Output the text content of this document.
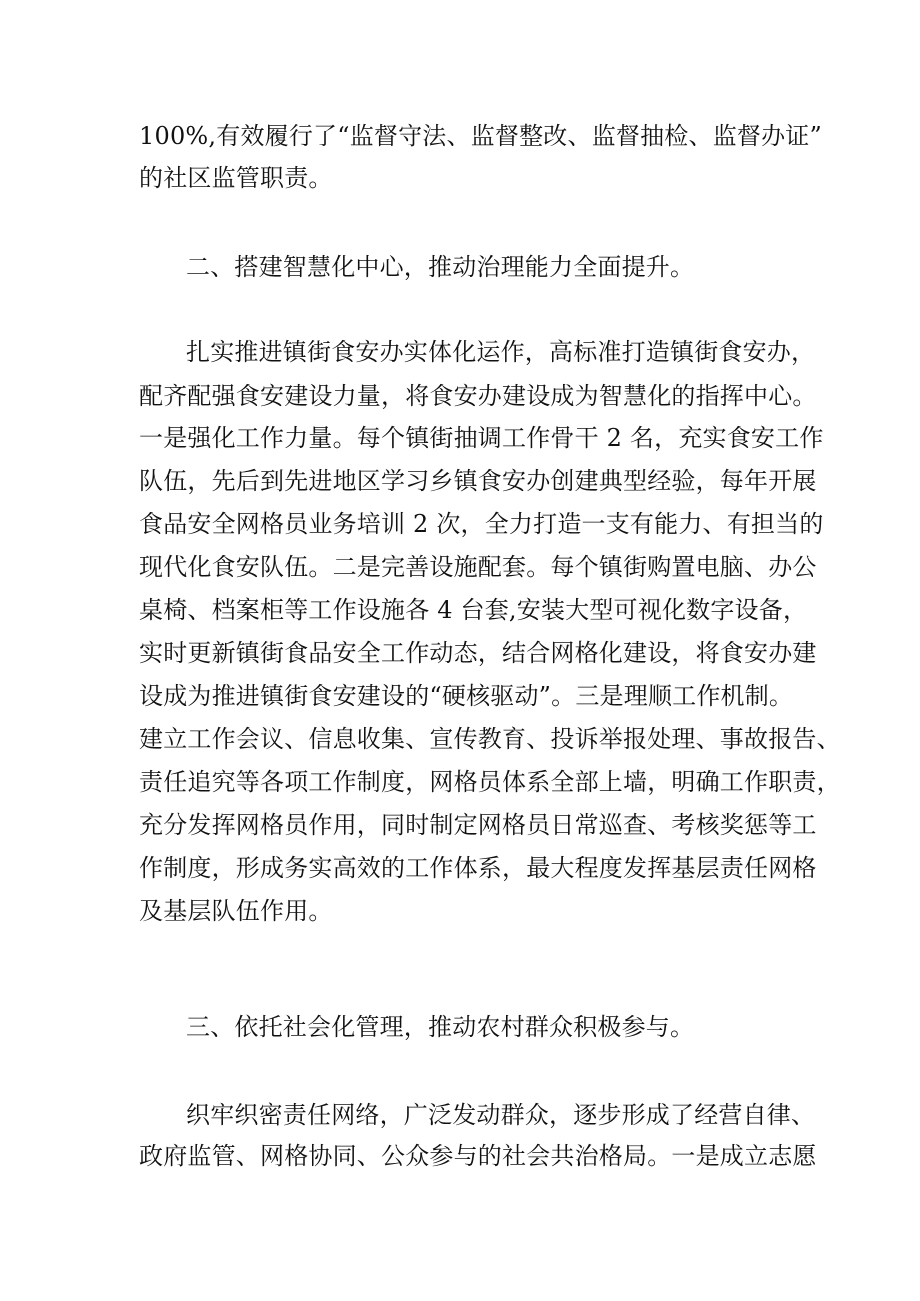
100%,有效履行了“监督守法、监督整改、监督抽检、监督办证”
的社区监管职责。
二、搭建智慧化中心，推动治理能力全面提升。
扎实推进镇街食安办实体化运作，高标准打造镇街食安办，
配齐配强食安建设力量，将食安办建设成为智慧化的指挥中心。
一是强化工作力量。每个镇街抽调工作骨干 2 名，充实食安工作
队伍，先后到先进地区学习乡镇食安办创建典型经验，每年开展
食品安全网格员业务培训 2 次，全力打造一支有能力、有担当的
现代化食安队伍。二是完善设施配套。每个镇街购置电脑、办公
桌椅、档案柜等工作设施各 4 台套,安装大型可视化数字设备，
实时更新镇街食品安全工作动态，结合网格化建设，将食安办建
设成为推进镇街食安建设的“硬核驱动”。三是理顺工作机制。
建立工作会议、信息收集、宣传教育、投诉举报处理、事故报告、
责任追究等各项工作制度，网格员体系全部上墙，明确工作职责，
充分发挥网格员作用，同时制定网格员日常巡查、考核奖惩等工
作制度，形成务实高效的工作体系，最大程度发挥基层责任网格
及基层队伍作用。
三、依托社会化管理，推动农村群众积极参与。
织牢织密责任网络，广泛发动群众，逐步形成了经营自律、
政府监管、网格协同、公众参与的社会共治格局。一是成立志愿
